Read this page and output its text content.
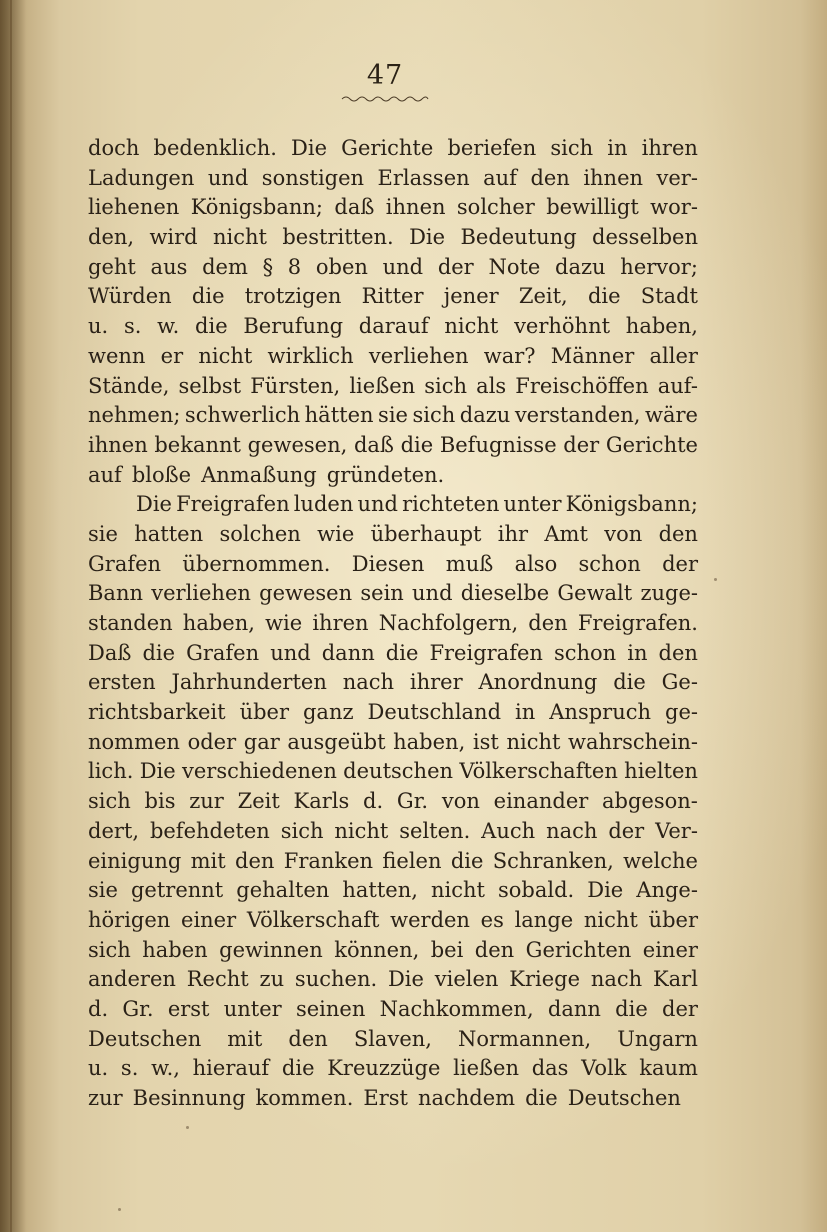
47
doch bedenklich. Die Gerichte beriefen sich in ihren
Ladungen und sonstigen Erlassen auf den ihnen ver-
liehenen Königsbann; daß ihnen solcher bewilligt wor-
den, wird nicht bestritten. Die Bedeutung desselben
geht aus dem § 8 oben und der Note dazu hervor;
Würden die trotzigen Ritter jener Zeit, die Stadt
u. s. w. die Berufung darauf nicht verhöhnt haben,
wenn er nicht wirklich verliehen war? Männer aller
Stände, selbst Fürsten, ließen sich als Freischöffen auf-
nehmen; schwerlich hätten sie sich dazu verstanden, wäre
ihnen bekannt gewesen, daß die Befugnisse der Gerichte
auf bloße Anmaßung gründeten.
Die Freigrafen luden und richteten unter Königsbann;
sie hatten solchen wie überhaupt ihr Amt von den
Grafen übernommen. Diesen muß also schon der
Bann verliehen gewesen sein und dieselbe Gewalt zuge-
standen haben, wie ihren Nachfolgern, den Freigrafen.
Daß die Grafen und dann die Freigrafen schon in den
ersten Jahrhunderten nach ihrer Anordnung die Ge-
richtsbarkeit über ganz Deutschland in Anspruch ge-
nommen oder gar ausgeübt haben, ist nicht wahrschein-
lich. Die verschiedenen deutschen Völkerschaften hielten
sich bis zur Zeit Karls d. Gr. von einander abgeson-
dert, befehdeten sich nicht selten. Auch nach der Ver-
einigung mit den Franken fielen die Schranken, welche
sie getrennt gehalten hatten, nicht sobald. Die Ange-
hörigen einer Völkerschaft werden es lange nicht über
sich haben gewinnen können, bei den Gerichten einer
anderen Recht zu suchen. Die vielen Kriege nach Karl
d. Gr. erst unter seinen Nachkommen, dann die der
Deutschen mit den Slaven, Normannen, Ungarn
u. s. w., hierauf die Kreuzzüge ließen das Volk kaum
zur Besinnung kommen. Erst nachdem die Deutschen
